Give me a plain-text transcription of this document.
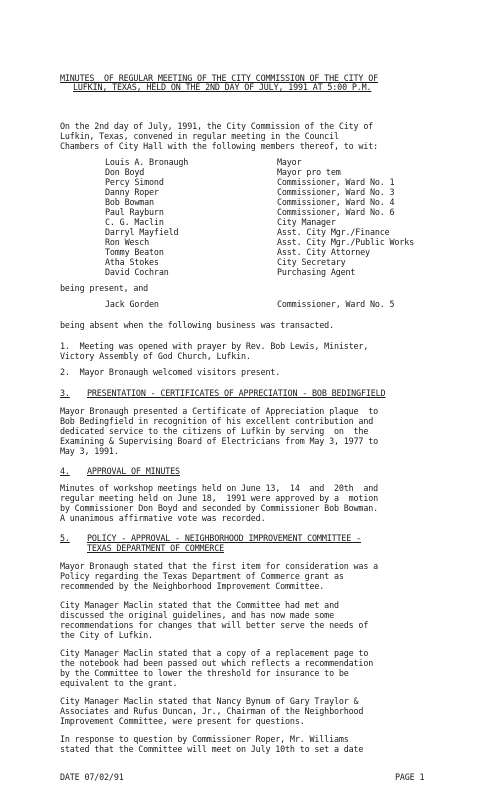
MINUTES  OF REGULAR MEETING OF THE CITY COMMISSION OF THE CITY OF
LUFKIN, TEXAS, HELD ON THE 2ND DAY OF JULY, 1991 AT 5:00 P.M.
On the 2nd day of July, 1991, the City Commission of the City of
Lufkin, Texas, convened in regular meeting in the Council
Chambers of City Hall with the following members thereof, to wit:
Louis A. Bronaugh	Mayor
Don Boyd	Mayor pro tem
Percy Simond	Commissioner, Ward No. 1
Danny Roper	Commissioner, Ward No. 3
Bob Bowman	Commissioner, Ward No. 4
Paul Rayburn	Commissioner, Ward No. 6
C. G. Maclin	City Manager
Darryl Mayfield	Asst. City Mgr./Finance
Ron Wesch	Asst. City Mgr./Public Works
Tommy Beaton	Asst. City Attorney
Atha Stokes	City Secretary
David Cochran	Purchasing Agent
being present, and
Jack Gorden	Commissioner, Ward No. 5
being absent when the following business was transacted.
1.  Meeting was opened with prayer by Rev. Bob Lewis, Minister,
Victory Assembly of God Church, Lufkin.
2.  Mayor Bronaugh welcomed visitors present.
3. PRESENTATION - CERTIFICATES OF APPRECIATION - BOB BEDINGFIELD
Mayor Bronaugh presented a Certificate of Appreciation plaque  to
Bob Bedingfield in recognition of his excellent contribution and
dedicated service to the citizens of Lufkin by serving  on  the
Examining & Supervising Board of Electricians from May 3, 1977 to
May 3, 1991.
4. APPROVAL OF MINUTES
Minutes of workshop meetings held on June 13,  14  and  20th  and
regular meeting held on June 18,  1991 were approved by a  motion
by Commissioner Don Boyd and seconded by Commissioner Bob Bowman.
A unanimous affirmative vote was recorded.
5. POLICY - APPROVAL - NEIGHBORHOOD IMPROVEMENT COMMITTEE -
TEXAS DEPARTMENT OF COMMERCE
Mayor Bronaugh stated that the first item for consideration was a
Policy regarding the Texas Department of Commerce grant as
recommended by the Neighborhood Improvement Committee.
City Manager Maclin stated that the Committee had met and
discussed the original guidelines, and has now made some
recommendations for changes that will better serve the needs of
the City of Lufkin.
City Manager Maclin stated that a copy of a replacement page to
the notebook had been passed out which reflects a recommendation
by the Committee to lower the threshold for insurance to be
equivalent to the grant.
City Manager Maclin stated that Nancy Bynum of Gary Traylor &
Associates and Rufus Duncan, Jr., Chairman of the Neighborhood
Improvement Committee, were present for questions.
In response to question by Commissioner Roper, Mr. Williams
stated that the Committee will meet on July 10th to set a date
DATE 07/02/91	PAGE 1
